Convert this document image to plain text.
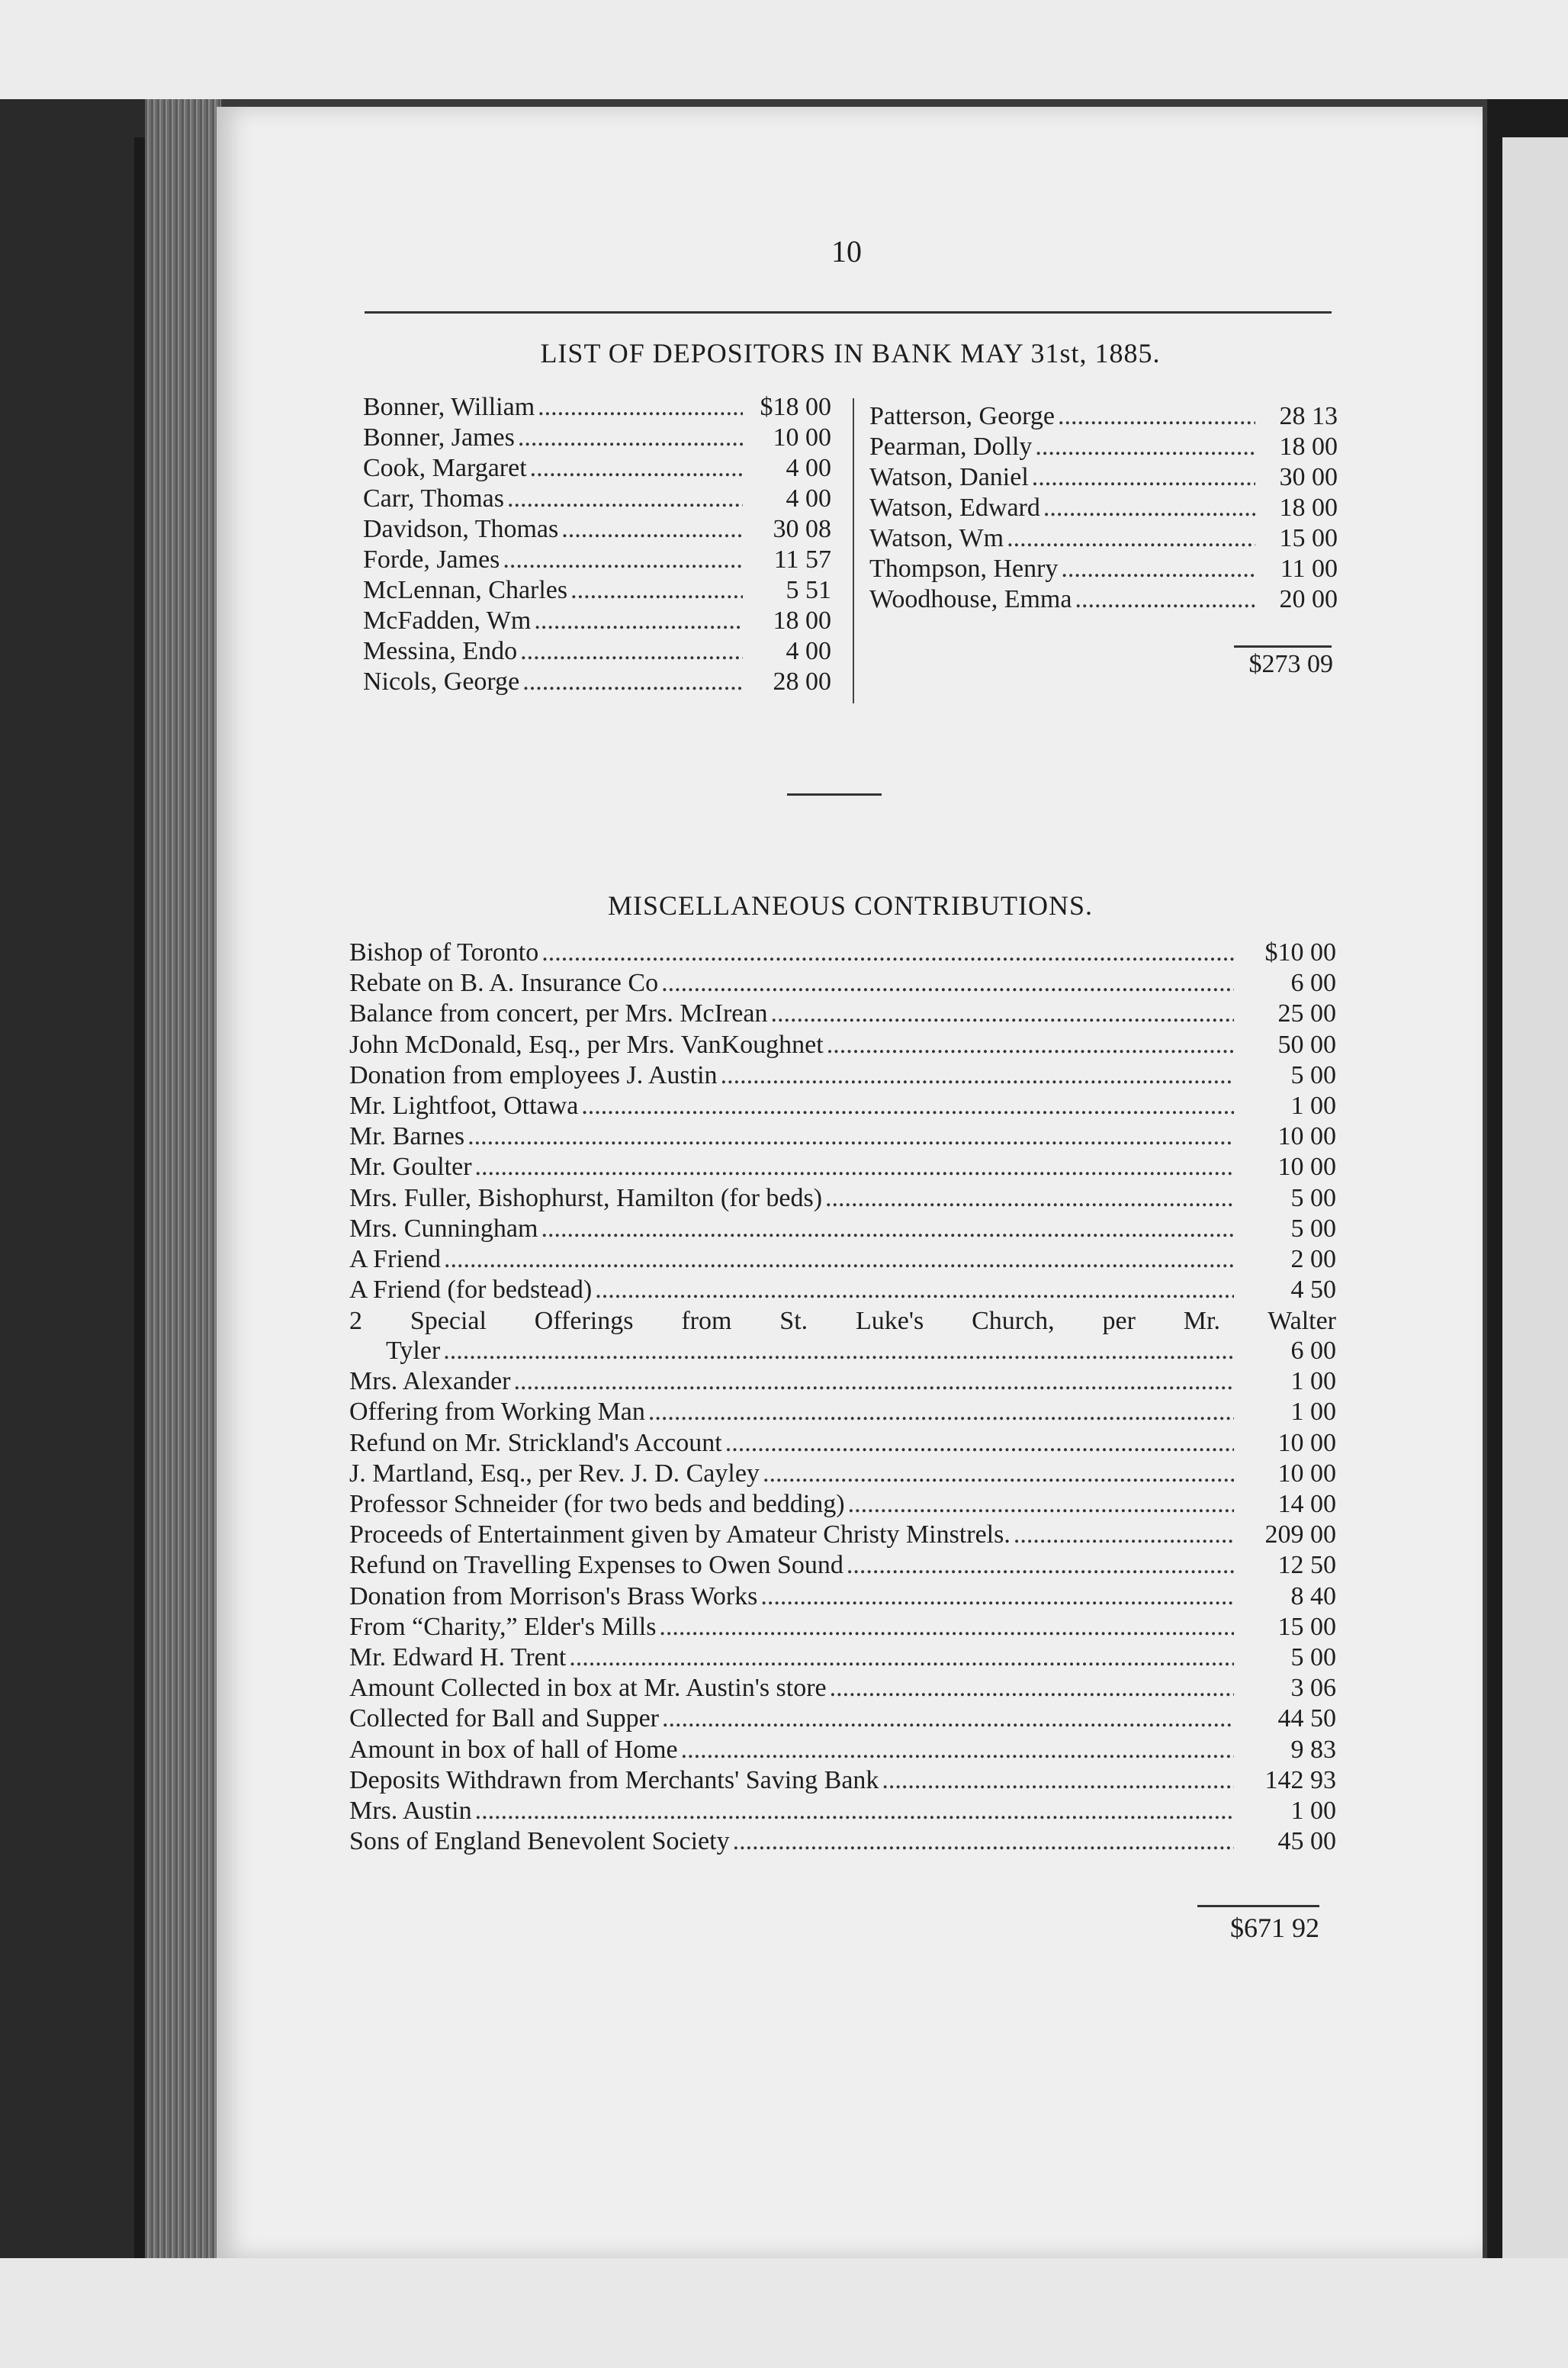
10
LIST OF DEPOSITORS IN BANK MAY 31st, 1885.
Bonner, William .....	$18 00
Bonner, James .....	10 00
Cook, Margaret .....	4 00
Carr, Thomas .....	4 00
Davidson, Thomas .....	30 08
Forde, James .....	11 57
McLennan, Charles .....	5 51
McFadden, Wm .....	18 00
Messina, Endo .....	4 00
Nicols, George .....	28 00
Patterson, George .....	28 13
Pearman, Dolly .....	18 00
Watson, Daniel .....	30 00
Watson, Edward .....	18 00
Watson, Wm .....	15 00
Thompson, Henry .....	11 00
Woodhouse, Emma .....	20 00
$273 09
MISCELLANEOUS CONTRIBUTIONS.
Bishop of Toronto .....	$10 00
Rebate on B. A. Insurance Co .....	6 00
Balance from concert, per Mrs. McIrean .....	25 00
John McDonald, Esq., per Mrs. VanKoughnet .....	50 00
Donation from employees J. Austin .....	5 00
Mr. Lightfoot, Ottawa .....	1 00
Mr. Barnes .....	10 00
Mr. Goulter .....	10 00
Mrs. Fuller, Bishophurst, Hamilton (for beds) .....	5 00
Mrs. Cunningham .....	5 00
A Friend .....	2 00
A Friend (for bedstead) .....	4 50
2 Special Offerings from St. Luke's Church, per Mr. Walter
Tyler .....	6 00
Mrs. Alexander .....	1 00
Offering from Working Man .....	1 00
Refund on Mr. Strickland's Account .....	10 00
J. Martland, Esq., per Rev. J. D. Cayley .....	10 00
Professor Schneider (for two beds and bedding) .....	14 00
Proceeds of Entertainment given by Amateur Christy Minstrels. .....	209 00
Refund on Travelling Expenses to Owen Sound .....	12 50
Donation from Morrison's Brass Works .....	8 40
From “Charity,” Elder's Mills .....	15 00
Mr. Edward H. Trent .....	5 00
Amount Collected in box at Mr. Austin's store .....	3 06
Collected for Ball and Supper .....	44 50
Amount in box of hall of Home .....	9 83
Deposits Withdrawn from Merchants' Saving Bank .....	142 93
Mrs. Austin .....	1 00
Sons of England Benevolent Society .....	45 00
$671 92
